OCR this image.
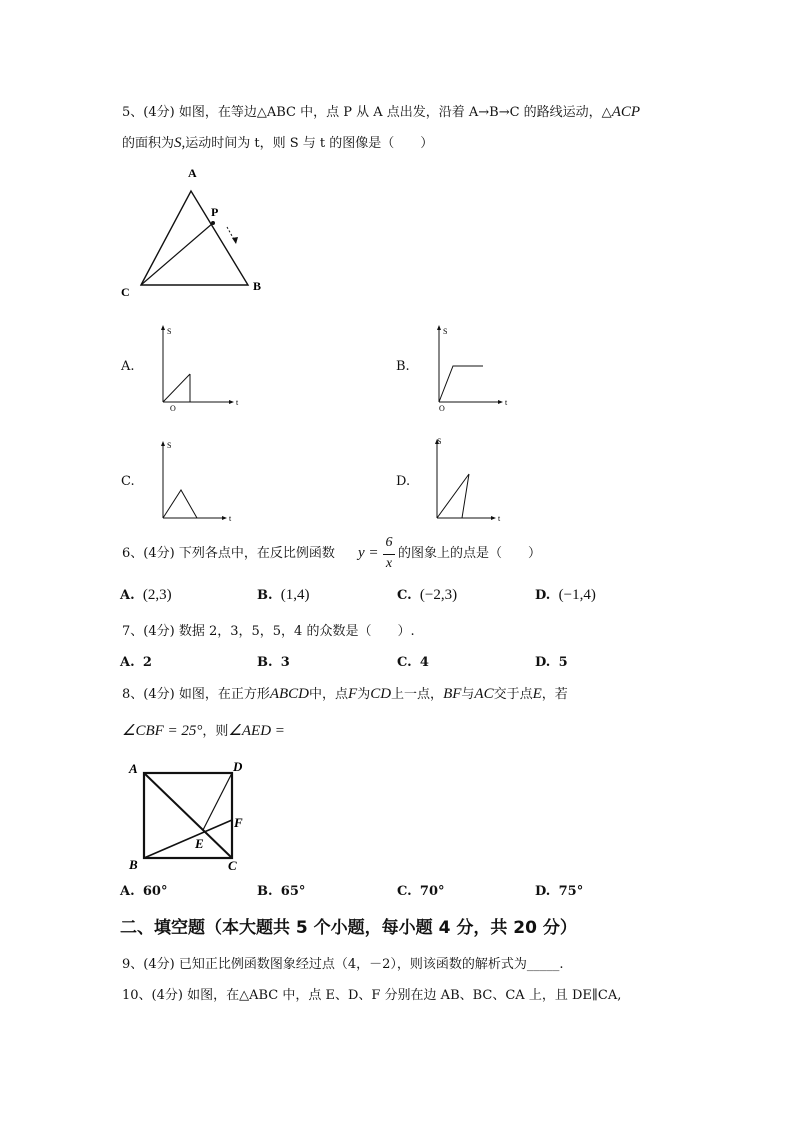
5、(4分) 如图，在等边△ABC 中，点 P 从 A 点出发，沿着 A→B→C 的路线运动，△ACP
的面积为S,运动时间为 t，则 S 与 t 的图像是（　　）
A
B
C
P
A.
S
t
O
B.
S
t
O
C.
S
t
D.
S
t
6、(4分) 下列各点中，在反比例函数 y =
6
x
的图象上的点是（　　）
A. (2,3)	B. (1,4)	C. (−2,3)	D. (−1,4)
7、(4分) 数据 2，3，5，5，4 的众数是（　　）.
A. 2	B. 3	C. 4	D. 5
8、(4分) 如图，在正方形ABCD中，点F为CD上一点，BF与AC交于点E，若
∠CBF = 25°，则∠AED =
A	D
F
E
B	C
A. 60°	B. 65°	C. 70°	D. 75°
二、填空题（本大题共 5 个小题，每小题 4 分，共 20 分）
9、(4分) 已知正比例函数图象经过点（4，－2），则该函数的解析式为_____.
10、(4分) 如图，在△ABC 中，点 E、D、F 分别在边 AB、BC、CA 上，且 DE∥CA,
